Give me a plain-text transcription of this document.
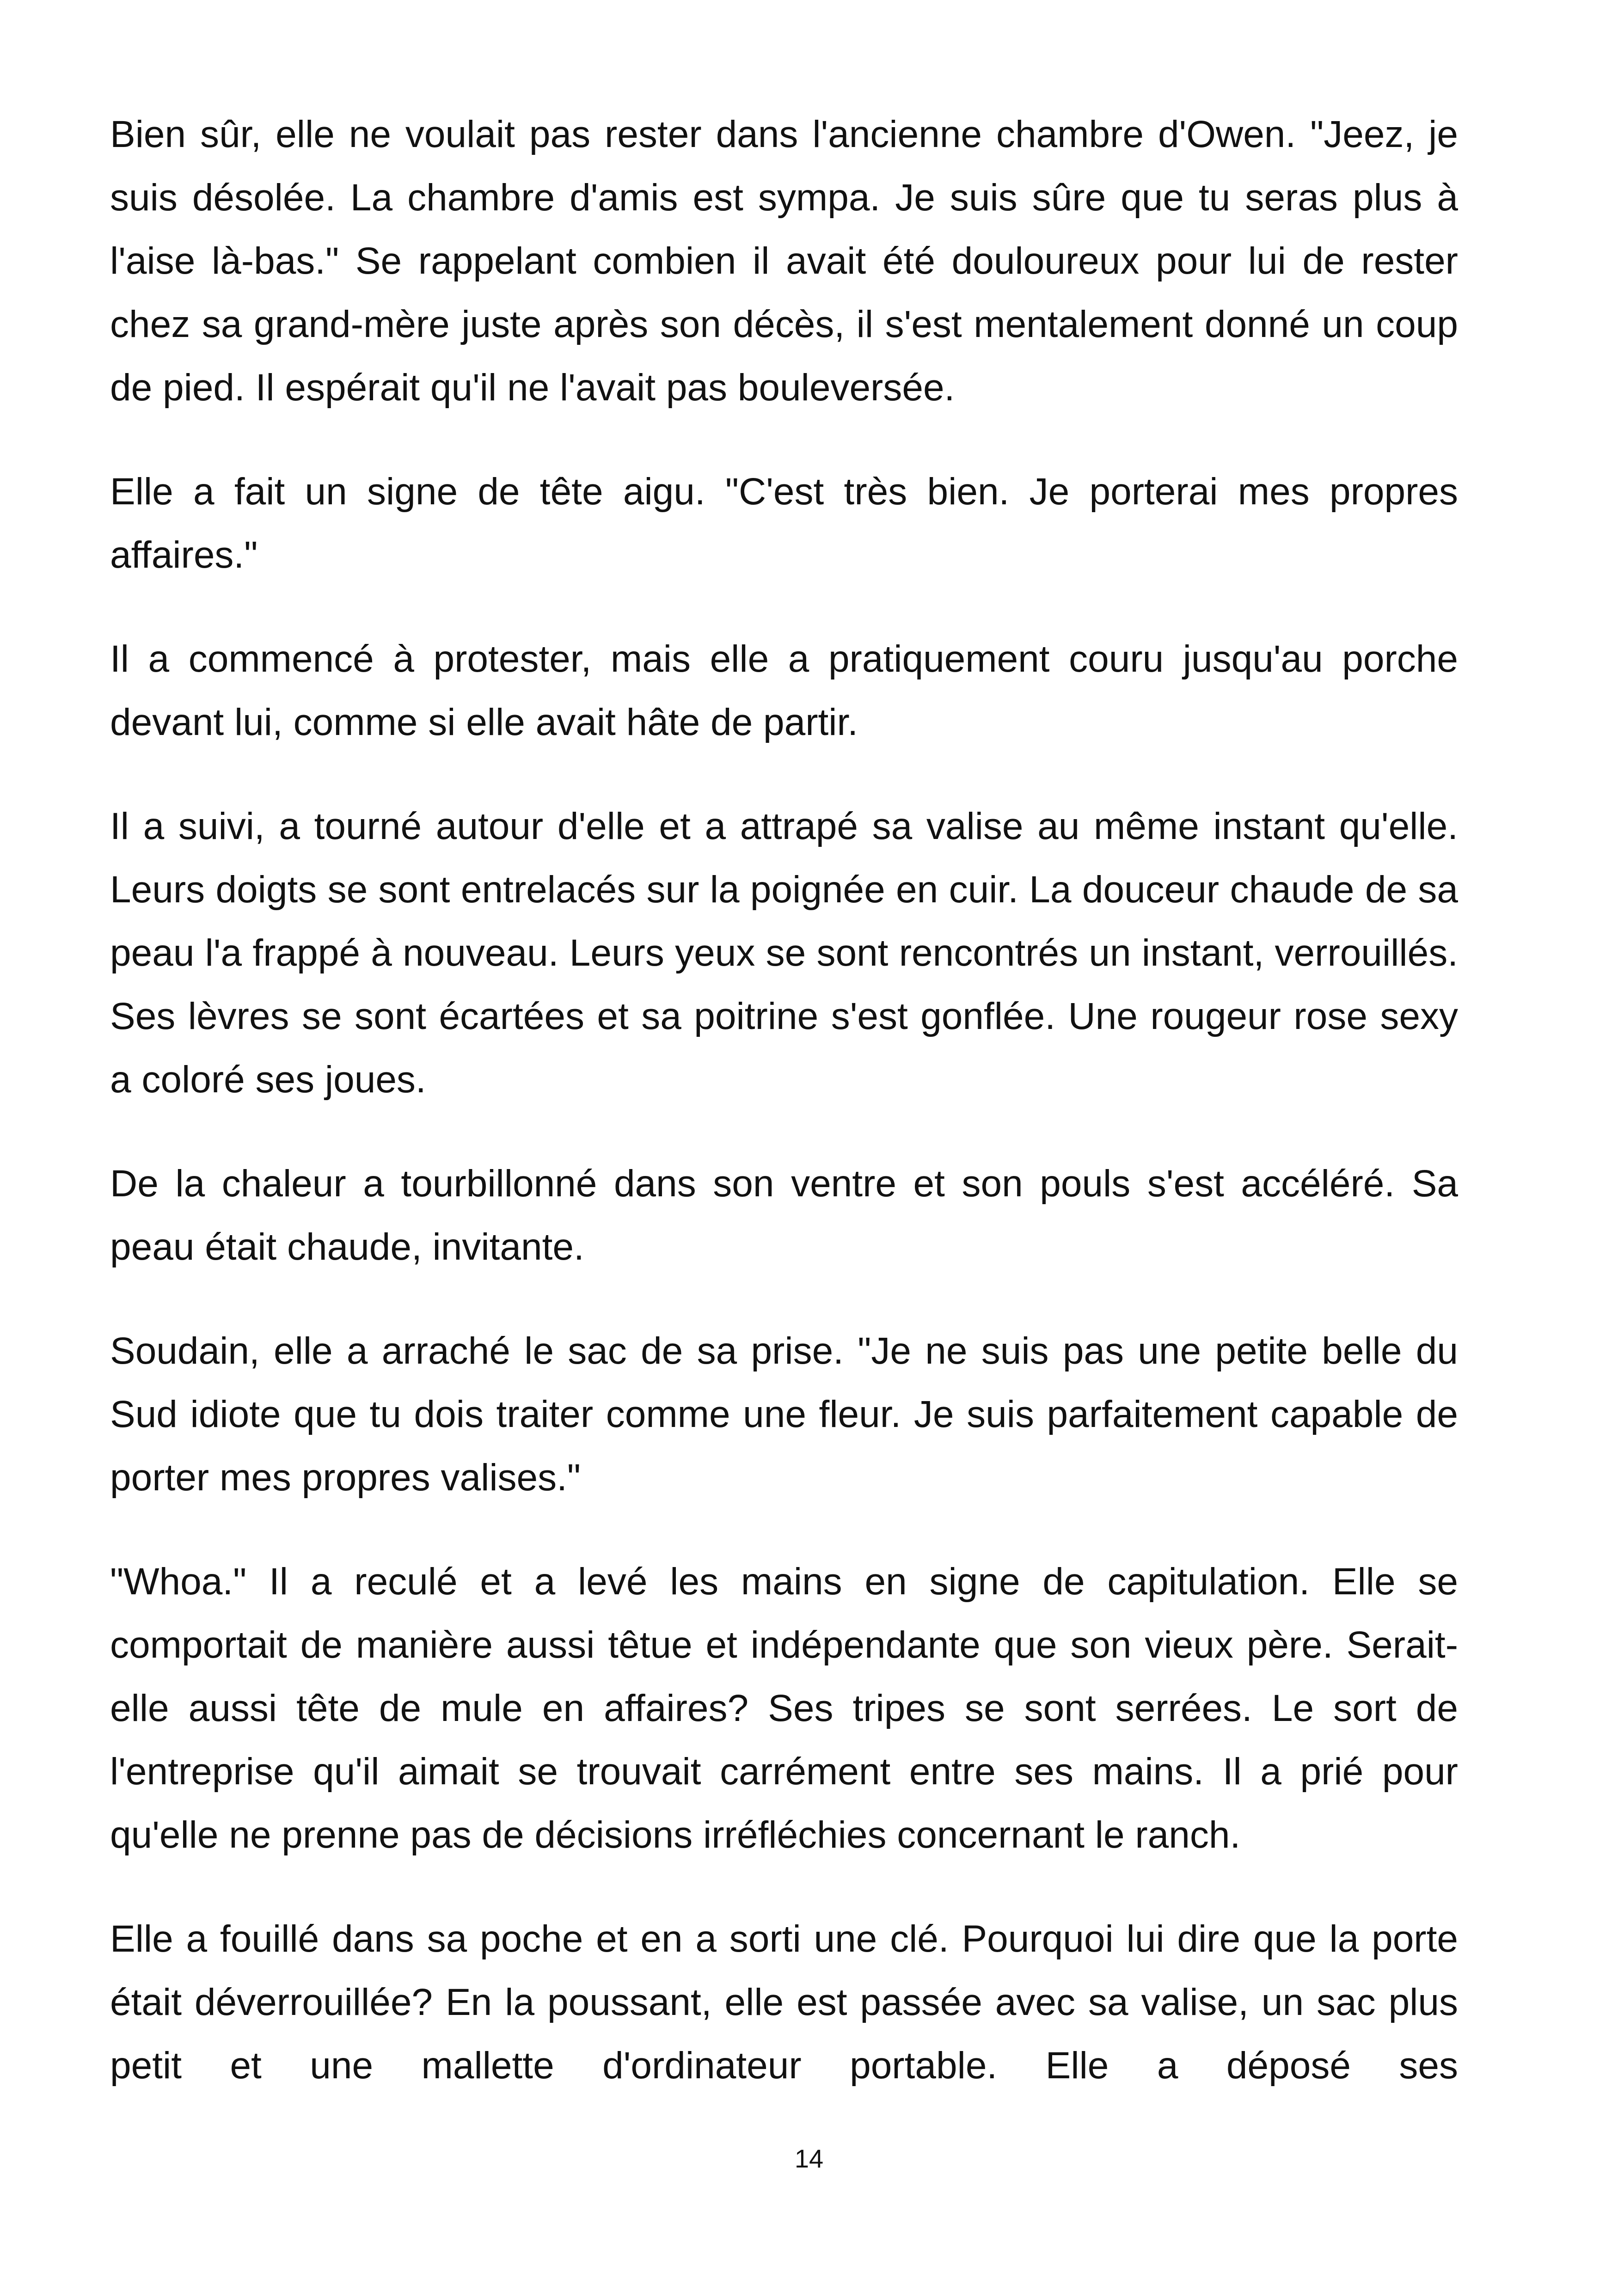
Bien sûr, elle ne voulait pas rester dans l'ancienne chambre d'Owen. "Jeez, je suis désolée. La chambre d'amis est sympa. Je suis sûre que tu seras plus à l'aise là-bas." Se rappelant combien il avait été douloureux pour lui de rester chez sa grand-mère juste après son décès, il s'est mentalement donné un coup de pied. Il espérait qu'il ne l'avait pas bouleversée.

Elle a fait un signe de tête aigu. "C'est très bien. Je porterai mes propres affaires."

Il a commencé à protester, mais elle a pratiquement couru jusqu'au porche devant lui, comme si elle avait hâte de partir.

Il a suivi, a tourné autour d'elle et a attrapé sa valise au même instant qu'elle. Leurs doigts se sont entrelacés sur la poignée en cuir. La douceur chaude de sa peau l'a frappé à nouveau. Leurs yeux se sont rencontrés un instant, verrouillés. Ses lèvres se sont écartées et sa poitrine s'est gonflée. Une rougeur rose sexy a coloré ses joues.

De la chaleur a tourbillonné dans son ventre et son pouls s'est accéléré. Sa peau était chaude, invitante.

Soudain, elle a arraché le sac de sa prise. "Je ne suis pas une petite belle du Sud idiote que tu dois traiter comme une fleur. Je suis parfaitement capable de porter mes propres valises."

"Whoa." Il a reculé et a levé les mains en signe de capitulation. Elle se comportait de manière aussi têtue et indépendante que son vieux père. Serait-elle aussi tête de mule en affaires? Ses tripes se sont serrées. Le sort de l'entreprise qu'il aimait se trouvait carrément entre ses mains. Il a prié pour qu'elle ne prenne pas de décisions irréfléchies concernant le ranch.

Elle a fouillé dans sa poche et en a sorti une clé. Pourquoi lui dire que la porte était déverrouillée? En la poussant, elle est passée avec sa valise, un sac plus petit et une mallette d'ordinateur portable. Elle a déposé ses

14
